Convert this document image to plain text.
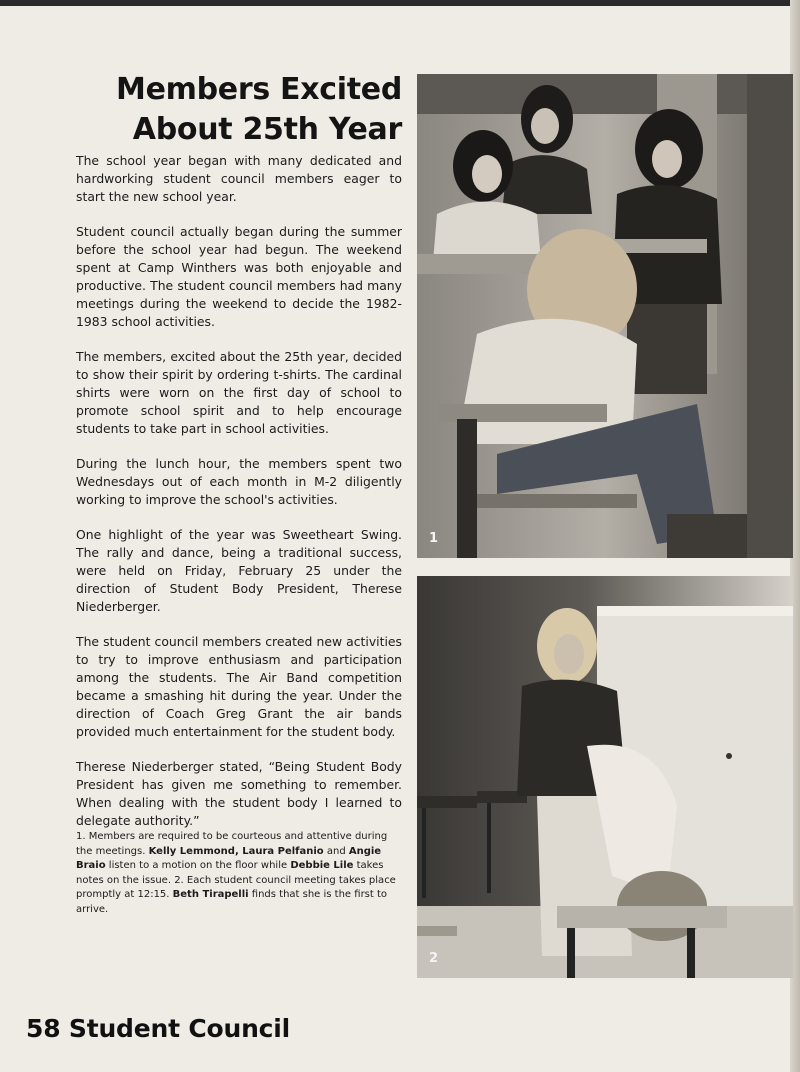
Members Excited
About 25th Year

The school year began with many dedicated and hardworking student council members eager to start the new school year.

Student council actually began during the summer before the school year had begun. The weekend spent at Camp Winthers was both enjoyable and productive. The student council members had many meetings during the weekend to decide the 1982-1983 school activities.

The members, excited about the 25th year, decided to show their spirit by ordering t-shirts. The cardinal shirts were worn on the first day of school to promote school spirit and to help encourage students to take part in school activities.

During the lunch hour, the members spent two Wednesdays out of each month in M-2 diligently working to improve the school's activities.

One highlight of the year was Sweetheart Swing. The rally and dance, being a traditional success, were held on Friday, February 25 under the direction of Student Body President, Therese Niederberger.

The student council members created new activities to try to improve enthusiasm and participation among the students. The Air Band competition became a smashing hit during the year. Under the direction of Coach Greg Grant the air bands provided much entertainment for the student body.

Therese Niederberger stated, “Being Student Body President has given me something to remember. When dealing with the student body I learned to delegate authority.”

1. Members are required to be courteous and attentive during the meetings. Kelly Lemmond, Laura Pelfanio and Angie Braio listen to a motion on the floor while Debbie Lile takes notes on the issue. 2. Each student council meeting takes place promptly at 12:15. Beth Tirapelli finds that she is the first to arrive.
1
2
58 Student Council
